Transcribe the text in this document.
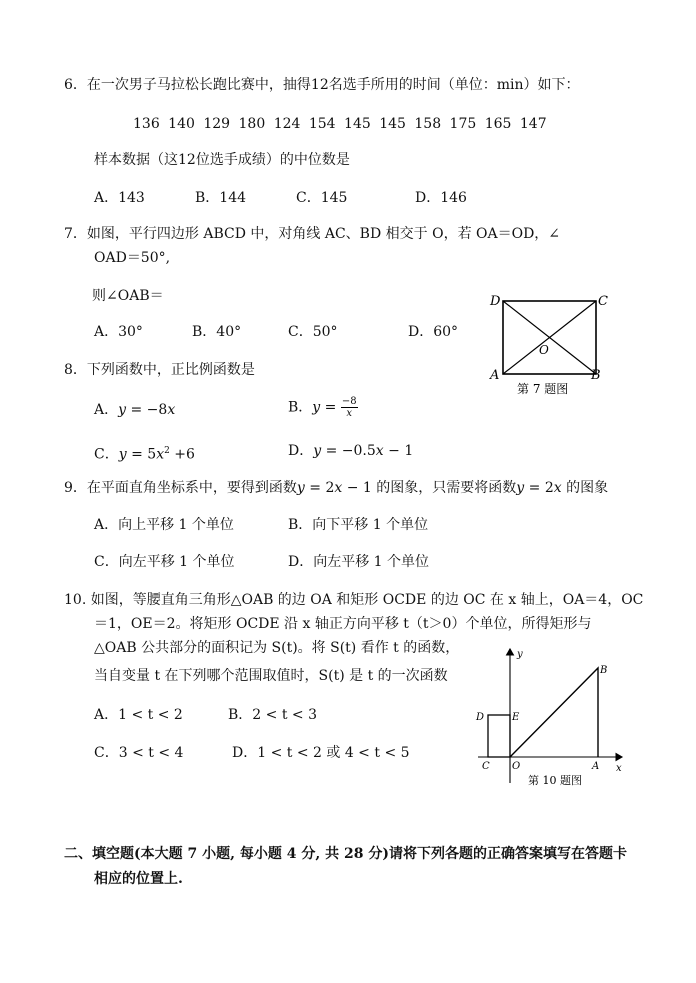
6．在一次男子马拉松长跑比赛中，抽得12名选手所用的时间（单位：min）如下：
136 140 129 180 124 154 145 145 158 175 165 147
样本数据（这12位选手成绩）的中位数是
A．143	B．144	C．145	D．146
7．如图，平行四边形 ABCD 中，对角线 AC、BD 相交于 O，若 OA＝OD，∠
OAD＝50°,
则∠OAB＝
A．30°	B．40°	C．50°	D．60°
D	C
A	B
O
第 7 题图
8．下列函数中，正比例函数是
A．y = −8x	B．$y = \frac{-8}{x}$
C．$y = 5x^2 +6$	D．y = −0.5x − 1
9．在平面直角坐标系中，要得到函数y = 2x − 1 的图象，只需要将函数y = 2x 的图象
A．向上平移 1 个单位	B．向下平移 1 个单位
C．向左平移 1 个单位	D．向左平移 1 个单位
10. 如图，等腰直角三角形△OAB 的边 OA 和矩形 OCDE 的边 OC 在 x 轴上，OA＝4，OC
＝1，OE＝2。将矩形 OCDE 沿 x 轴正方向平移 t（t＞0）个单位，所得矩形与
△OAB 公共部分的面积记为 S(t)。将 S(t) 看作 t 的函数，
当自变量 t 在下列哪个范围取值时，S(t) 是 t 的一次函数
A．1 < t < 2	B．2 < t < 3
C．3 < t < 4	D．1 < t < 2 或 4 < t < 5
y
x
B
D	E
C O	A
第 10 题图
二、填空题(本大题 7 小题, 每小题 4 分, 共 28 分)请将下列各题的正确答案填写在答题卡
相应的位置上.
